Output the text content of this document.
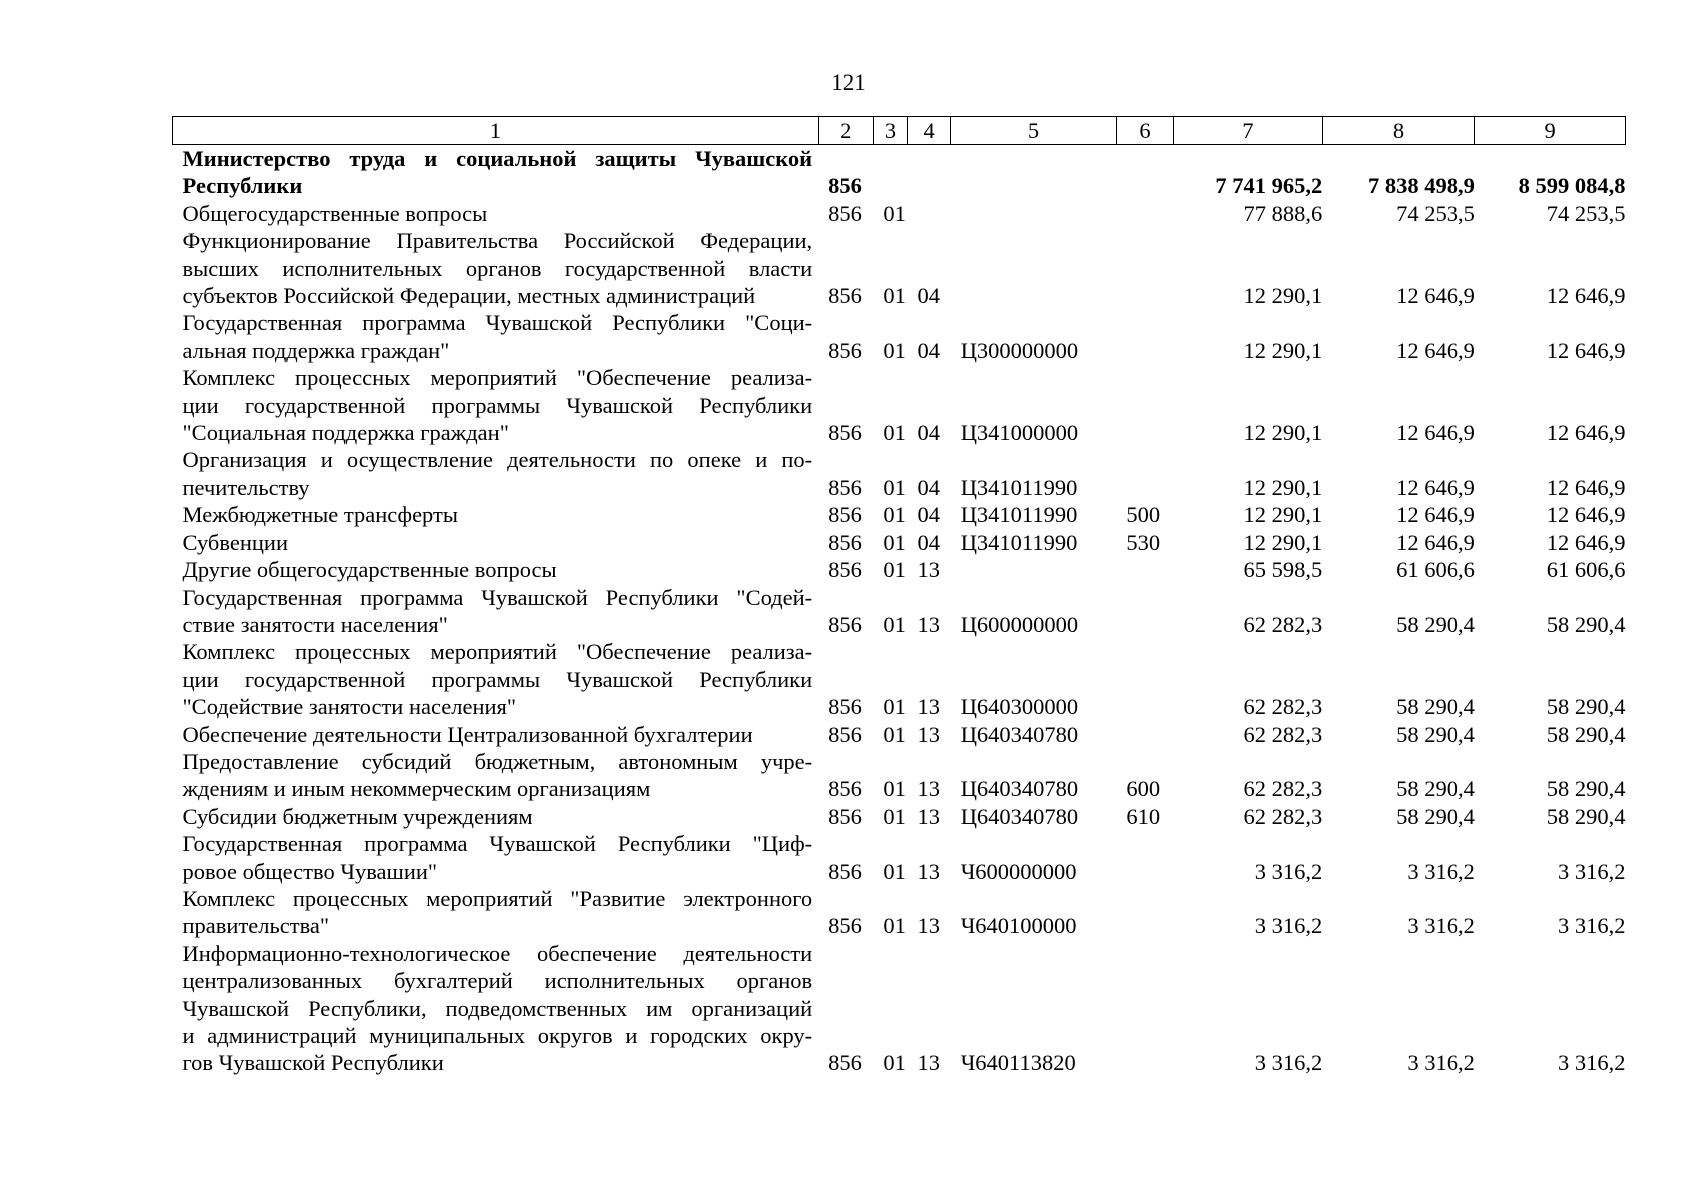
121
1	2	3	4	5	6	7	8	9

Министерство труда и социальной защиты Чувашской
Республики	856					7 741 965,2	7 838 498,9	8 599 084,8

Общегосударственные вопросы	856	01				77 888,6	74 253,5	74 253,5

Функционирование Правительства Российской Федерации,
высших исполнительных органов государственной власти
субъектов Российской Федерации, местных администраций	856	01	04			12 290,1	12 646,9	12 646,9

Государственная программа Чувашской Республики "Соци-
альная поддержка граждан"	856	01	04	Ц300000000		12 290,1	12 646,9	12 646,9

Комплекс процессных мероприятий "Обеспечение реализа-
ции государственной программы Чувашской Республики
"Социальная поддержка граждан"	856	01	04	Ц341000000		12 290,1	12 646,9	12 646,9

Организация и осуществление деятельности по опеке и по-
печительству	856	01	04	Ц341011990		12 290,1	12 646,9	12 646,9

Межбюджетные трансферты	856	01	04	Ц341011990	500	12 290,1	12 646,9	12 646,9

Субвенции	856	01	04	Ц341011990	530	12 290,1	12 646,9	12 646,9

Другие общегосударственные вопросы	856	01	13			65 598,5	61 606,6	61 606,6

Государственная программа Чувашской Республики "Содей-
ствие занятости населения"	856	01	13	Ц600000000		62 282,3	58 290,4	58 290,4

Комплекс процессных мероприятий "Обеспечение реализа-
ции государственной программы Чувашской Республики
"Содействие занятости населения"	856	01	13	Ц640300000		62 282,3	58 290,4	58 290,4

Обеспечение деятельности Централизованной бухгалтерии	856	01	13	Ц640340780		62 282,3	58 290,4	58 290,4

Предоставление субсидий бюджетным, автономным учре-
ждениям и иным некоммерческим организациям	856	01	13	Ц640340780	600	62 282,3	58 290,4	58 290,4

Субсидии бюджетным учреждениям	856	01	13	Ц640340780	610	62 282,3	58 290,4	58 290,4

Государственная программа Чувашской Республики "Циф-
ровое общество Чувашии"	856	01	13	Ч600000000		3 316,2	3 316,2	3 316,2

Комплекс процессных мероприятий "Развитие электронного
правительства"	856	01	13	Ч640100000		3 316,2	3 316,2	3 316,2

Информационно-технологическое обеспечение деятельности
централизованных бухгалтерий исполнительных органов
Чувашской Республики, подведомственных им организаций
и администраций муниципальных округов и городских окру-
гов Чувашской Республики	856	01	13	Ч640113820		3 316,2	3 316,2	3 316,2
